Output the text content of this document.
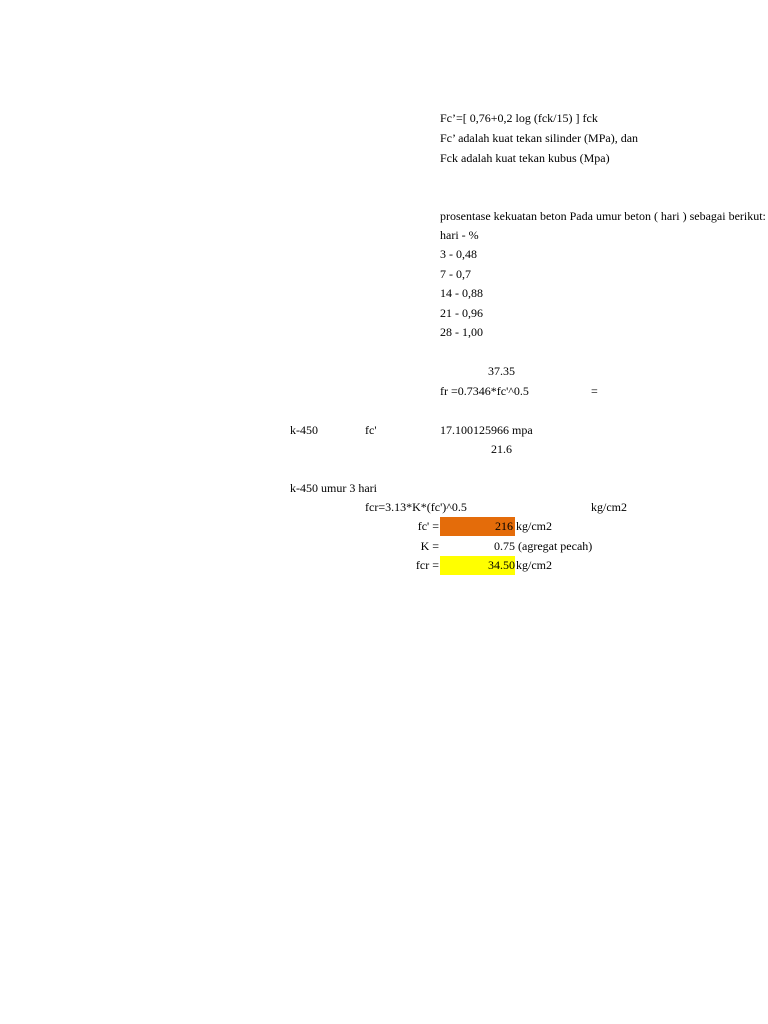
Fc’=[ 0,76+0,2 log (fck/15) ] fck
Fc’ adalah kuat tekan silinder (MPa), dan
Fck adalah kuat tekan kubus (Mpa)
prosentase kekuatan beton Pada umur beton ( hari ) sebagai berikut:
hari - %
3 - 0,48
7 - 0,7
14 - 0,88
21 - 0,96
28 - 1,00
37.35
fr =0.7346*fc'^0.5	=
k-450	fc'	17.100125966 mpa
21.6
k-450 umur 3 hari
fcr=3.13*K*(fc')^0.5	kg/cm2
fc' =	216 kg/cm2
K =	0.75 (agregat pecah)
fcr =	34.50 kg/cm2
